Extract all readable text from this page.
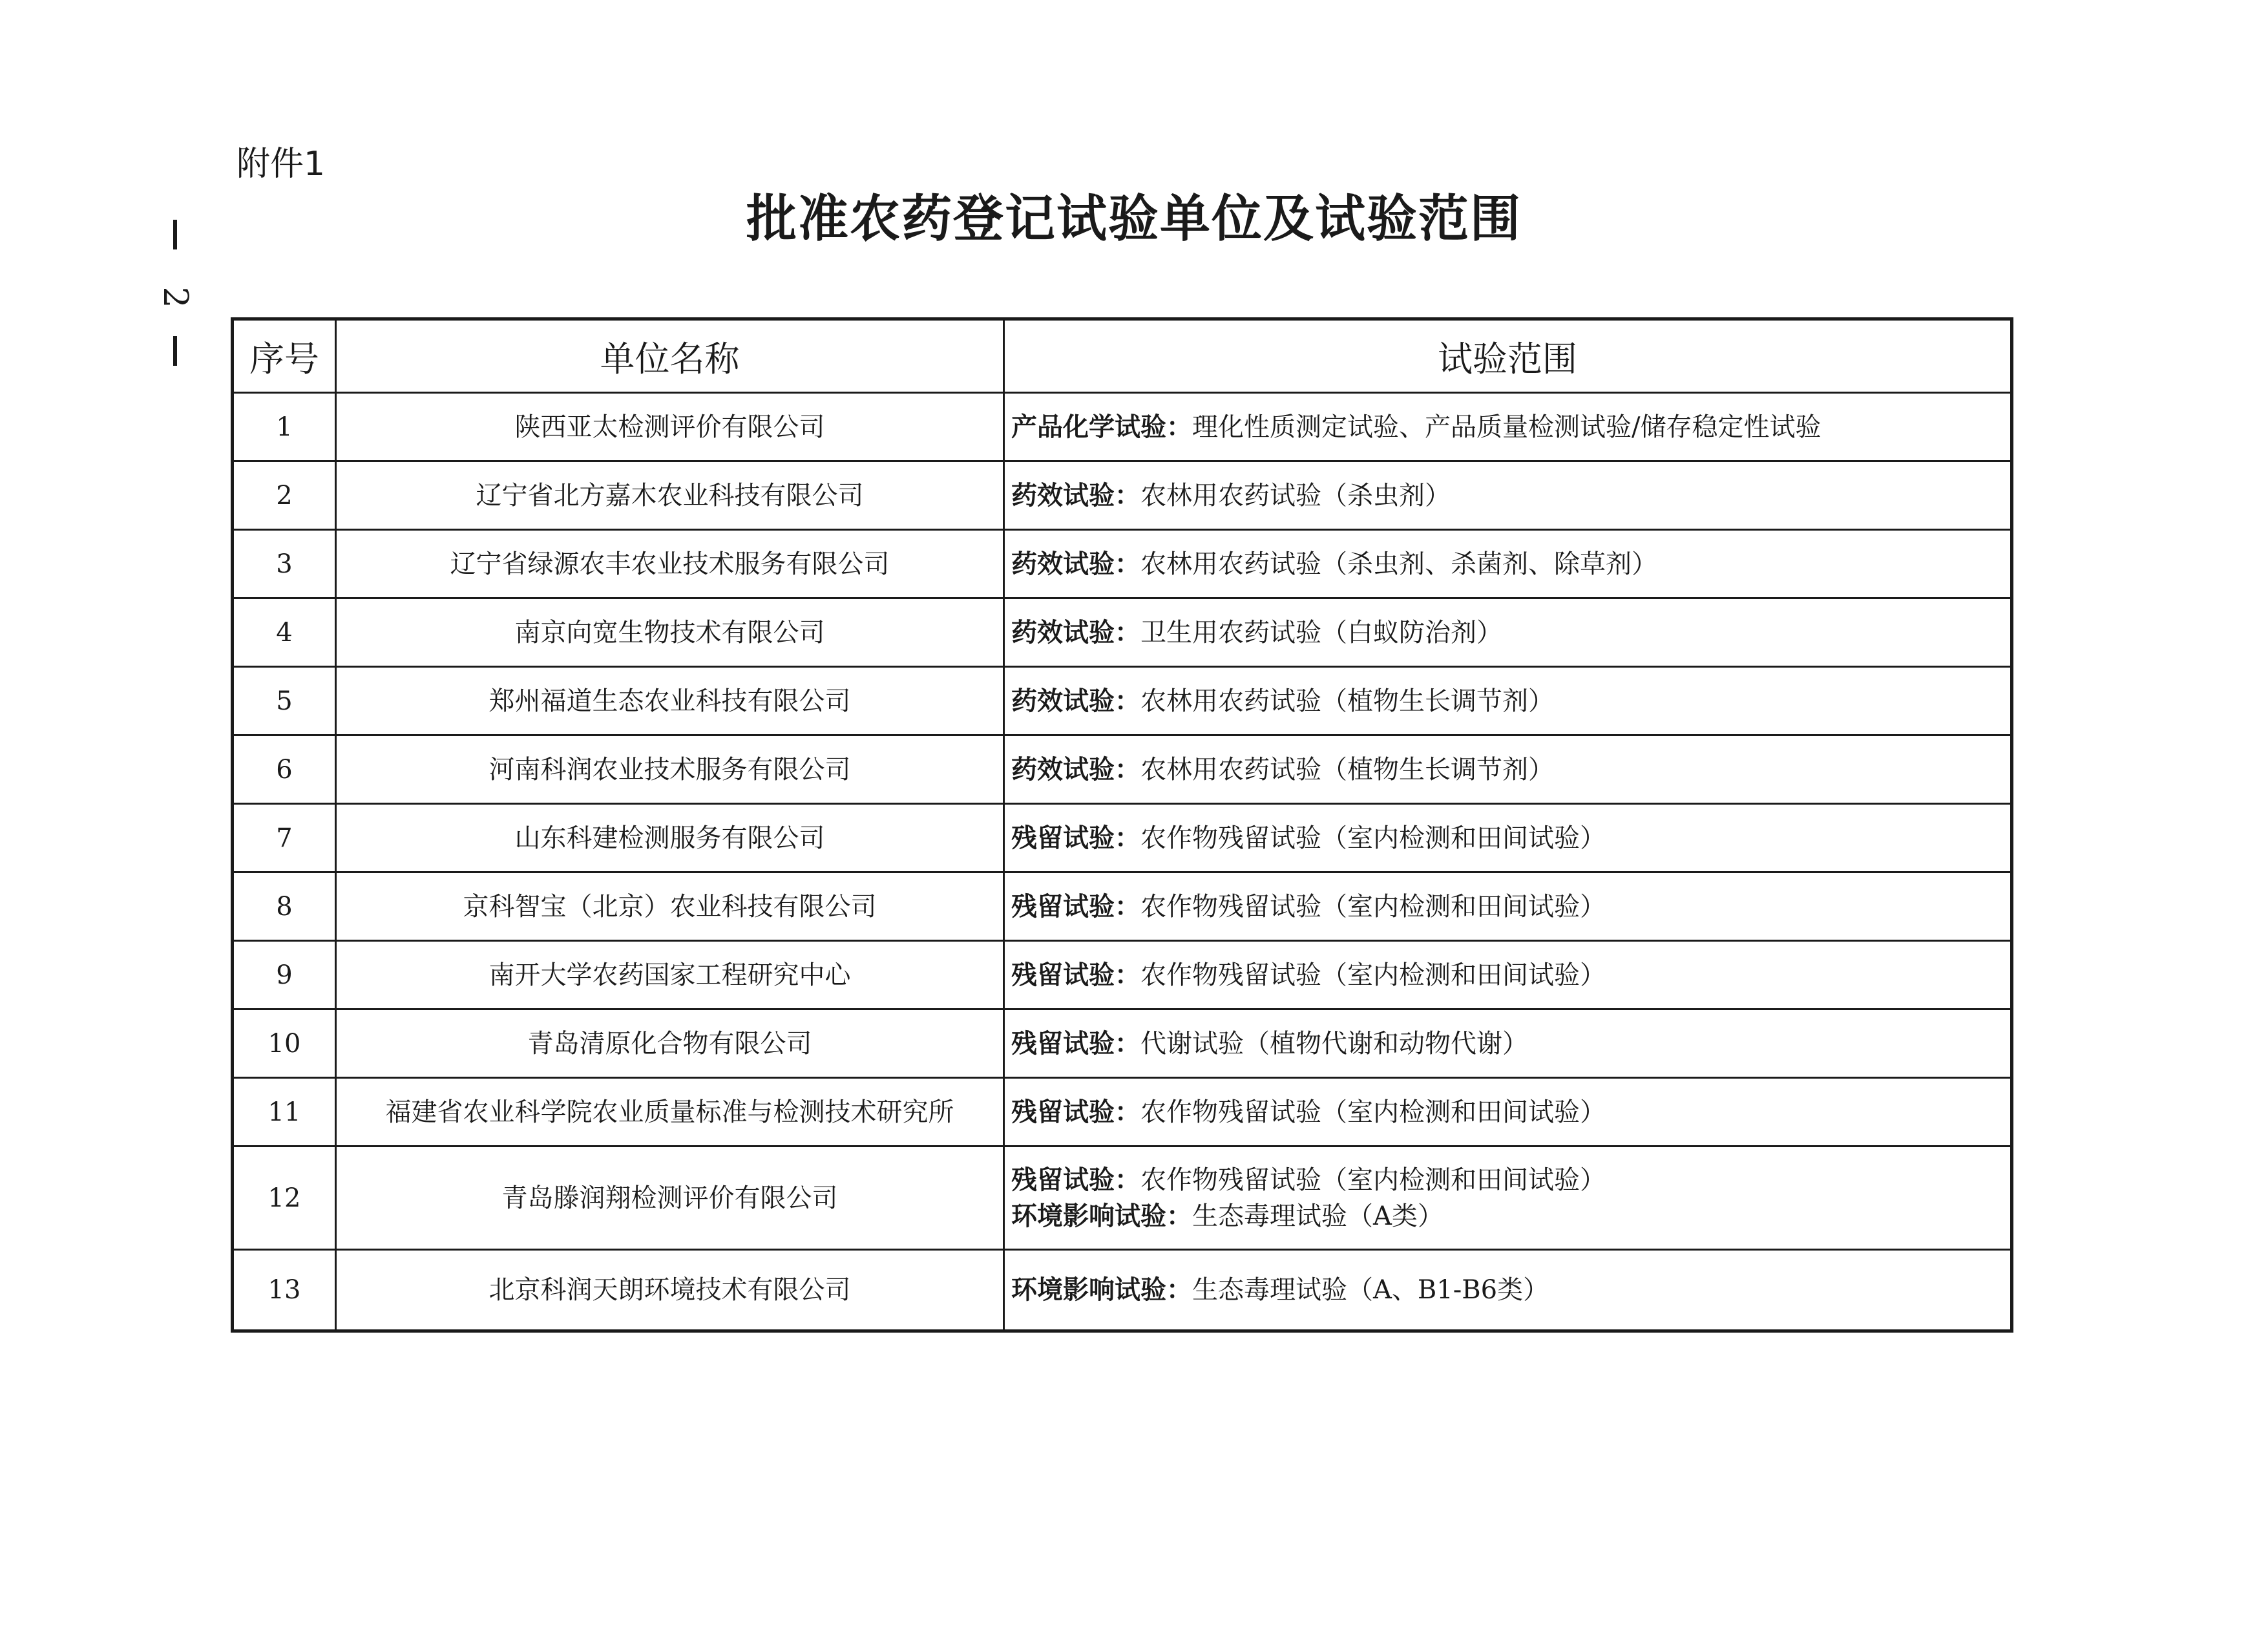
附件1
批准农药登记试验单位及试验范围
2
序号	单位名称	试验范围
1	陕西亚太检测评价有限公司	产品化学试验：理化性质测定试验、产品质量检测试验/储存稳定性试验

2	辽宁省北方嘉木农业科技有限公司	药效试验：农林用农药试验（杀虫剂）

3	辽宁省绿源农丰农业技术服务有限公司	药效试验：农林用农药试验（杀虫剂、杀菌剂、除草剂）

4	南京向宽生物技术有限公司	药效试验：卫生用农药试验（白蚁防治剂）

5	郑州福道生态农业科技有限公司	药效试验：农林用农药试验（植物生长调节剂）

6	河南科润农业技术服务有限公司	药效试验：农林用农药试验（植物生长调节剂）

7	山东科建检测服务有限公司	残留试验：农作物残留试验（室内检测和田间试验）

8	京科智宝（北京）农业科技有限公司	残留试验：农作物残留试验（室内检测和田间试验）

9	南开大学农药国家工程研究中心	残留试验：农作物残留试验（室内检测和田间试验）

10	青岛清原化合物有限公司	残留试验：代谢试验（植物代谢和动物代谢）

11	福建省农业科学院农业质量标准与检测技术研究所	残留试验：农作物残留试验（室内检测和田间试验）

12	青岛滕润翔检测评价有限公司	残留试验：农作物残留试验（室内检测和田间试验）
环境影响试验：生态毒理试验（A类）

13	北京科润天朗环境技术有限公司	环境影响试验：生态毒理试验（A、B1-B6类）
